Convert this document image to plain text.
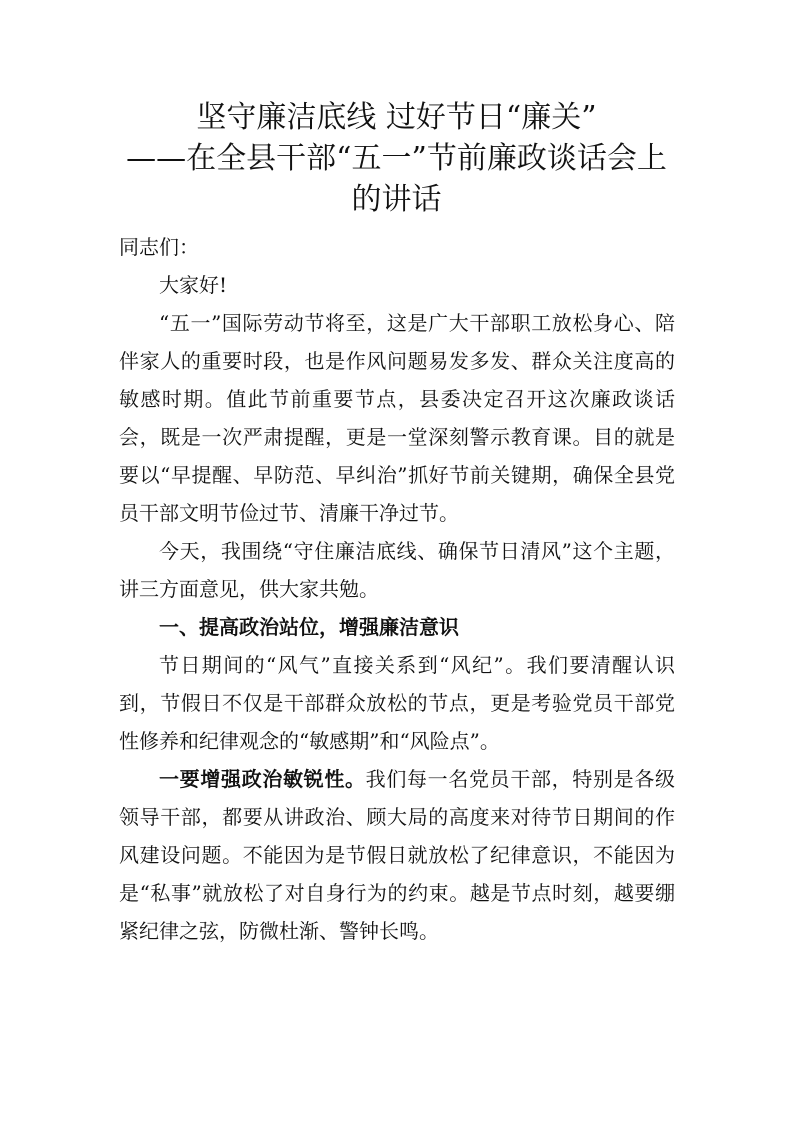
坚守廉洁底线 过好节日“廉关”
——在全县干部“五一”节前廉政谈话会上
的讲话

同志们：

大家好!

“五一”国际劳动节将至，这是广大干部职工放松身心、陪伴家人的重要时段，也是作风问题易发多发、群众关注度高的敏感时期。值此节前重要节点，县委决定召开这次廉政谈话会，既是一次严肃提醒，更是一堂深刻警示教育课。目的就是要以“早提醒、早防范、早纠治”抓好节前关键期，确保全县党员干部文明节俭过节、清廉干净过节。

今天，我围绕“守住廉洁底线、确保节日清风”这个主题，讲三方面意见，供大家共勉。

一、提高政治站位，增强廉洁意识

节日期间的“风气”直接关系到“风纪”。我们要清醒认识到，节假日不仅是干部群众放松的节点，更是考验党员干部党性修养和纪律观念的“敏感期”和“风险点”。

一要增强政治敏锐性。我们每一名党员干部，特别是各级领导干部，都要从讲政治、顾大局的高度来对待节日期间的作风建设问题。不能因为是节假日就放松了纪律意识，不能因为是“私事”就放松了对自身行为的约束。越是节点时刻，越要绷紧纪律之弦，防微杜渐、警钟长鸣。
